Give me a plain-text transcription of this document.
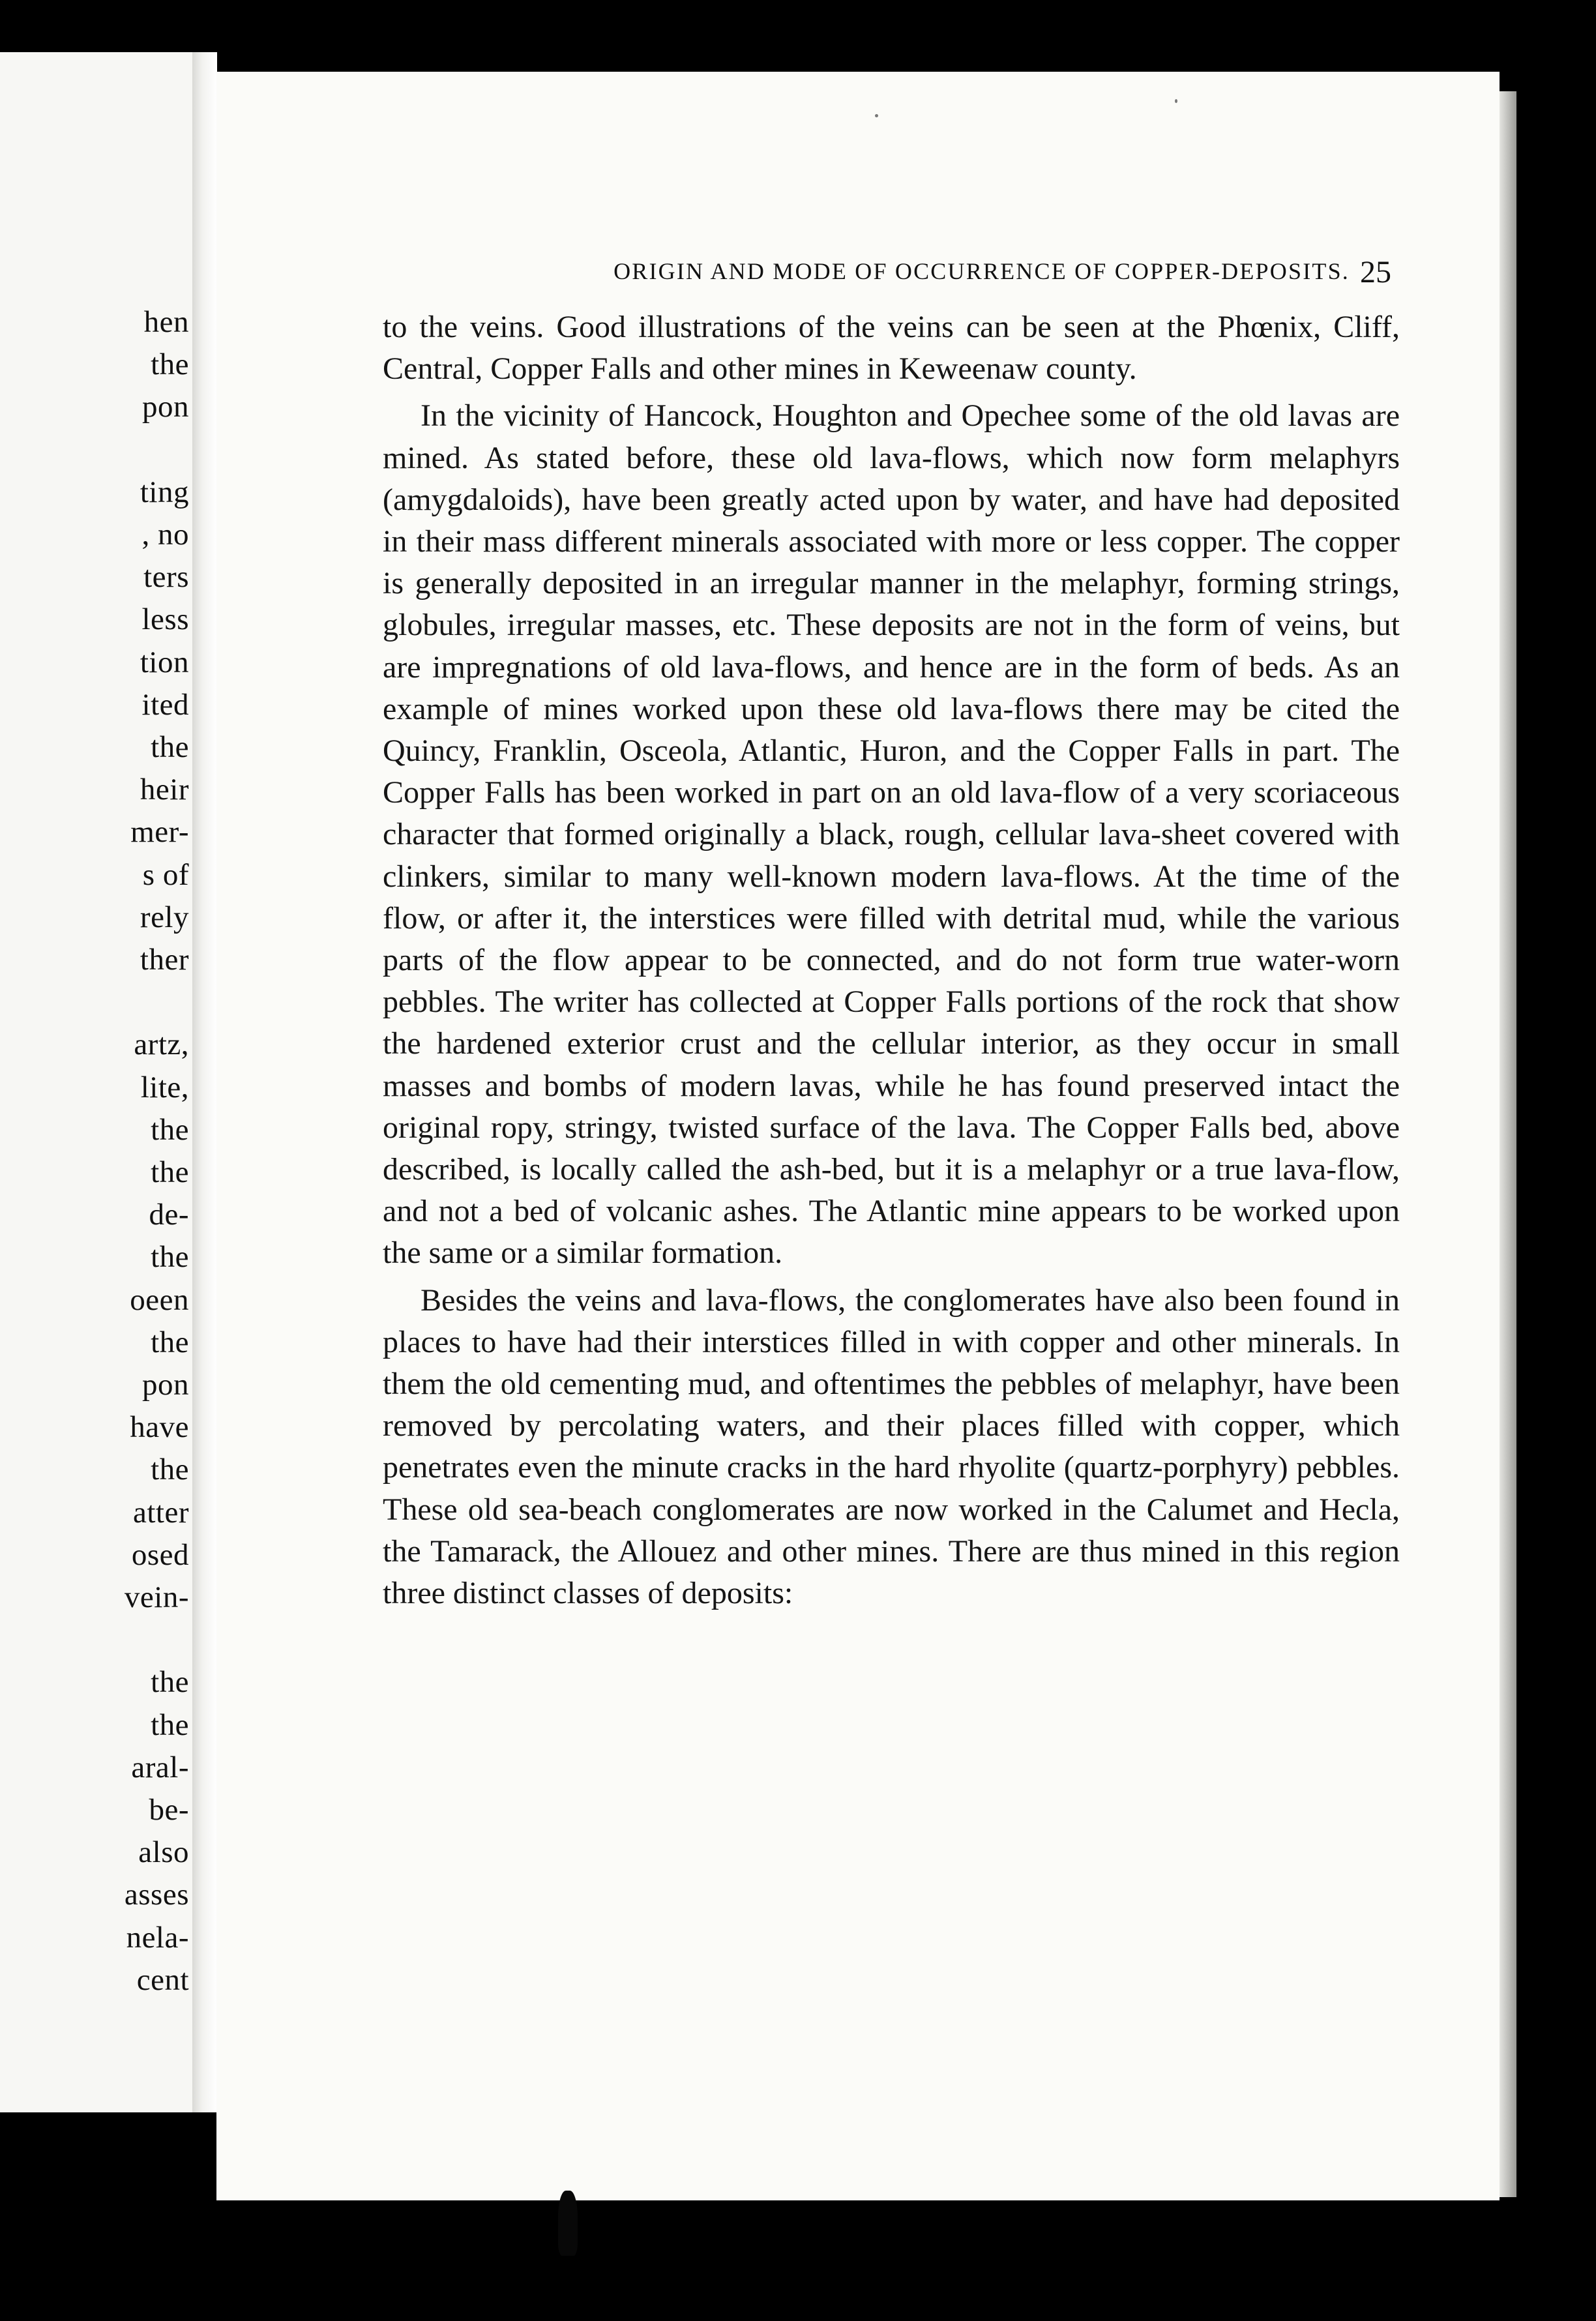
hen
the
pon
ting
, no
ters
less
tion
ited
the
heir
mer-
s of
rely
ther
artz,
lite,
the
the
de-
the
oeen
the
pon
have
the
atter
osed
vein-
the
the
aral-
be-
also
asses
nela-
cent
ORIGIN AND MODE OF OCCURRENCE OF COPPER-DEPOSITS. 25

to the veins. Good illustrations of the veins can be seen at the Phœnix, Cliff, Central, Copper Falls and other mines in Keweenaw county.

In the vicinity of Hancock, Houghton and Opechee some of the old lavas are mined. As stated before, these old lava-flows, which now form melaphyrs (amygdaloids), have been greatly acted upon by water, and have had deposited in their mass different minerals associated with more or less copper. The copper is generally deposited in an irregular manner in the melaphyr, forming strings, globules, irregular masses, etc. These deposits are not in the form of veins, but are impregnations of old lava-flows, and hence are in the form of beds. As an example of mines worked upon these old lava-flows there may be cited the Quincy, Franklin, Osceola, Atlantic, Huron, and the Copper Falls in part. The Copper Falls has been worked in part on an old lava-flow of a very scoriaceous character that formed originally a black, rough, cellular lava-sheet covered with clinkers, similar to many well-known modern lava-flows. At the time of the flow, or after it, the interstices were filled with detrital mud, while the various parts of the flow appear to be connected, and do not form true water-worn pebbles. The writer has collected at Copper Falls portions of the rock that show the hardened exterior crust and the cellular interior, as they occur in small masses and bombs of modern lavas, while he has found preserved intact the original ropy, stringy, twisted surface of the lava. The Copper Falls bed, above described, is locally called the ash-bed, but it is a melaphyr or a true lava-flow, and not a bed of volcanic ashes. The Atlantic mine appears to be worked upon the same or a similar formation.

Besides the veins and lava-flows, the conglomerates have also been found in places to have had their interstices filled in with copper and other minerals. In them the old cementing mud, and oftentimes the pebbles of melaphyr, have been removed by percolating waters, and their places filled with copper, which penetrates even the minute cracks in the hard rhyolite (quartz-porphyry) pebbles. These old sea-beach conglomerates are now worked in the Calumet and Hecla, the Tamarack, the Allouez and other mines. There are thus mined in this region three distinct classes of deposits:
